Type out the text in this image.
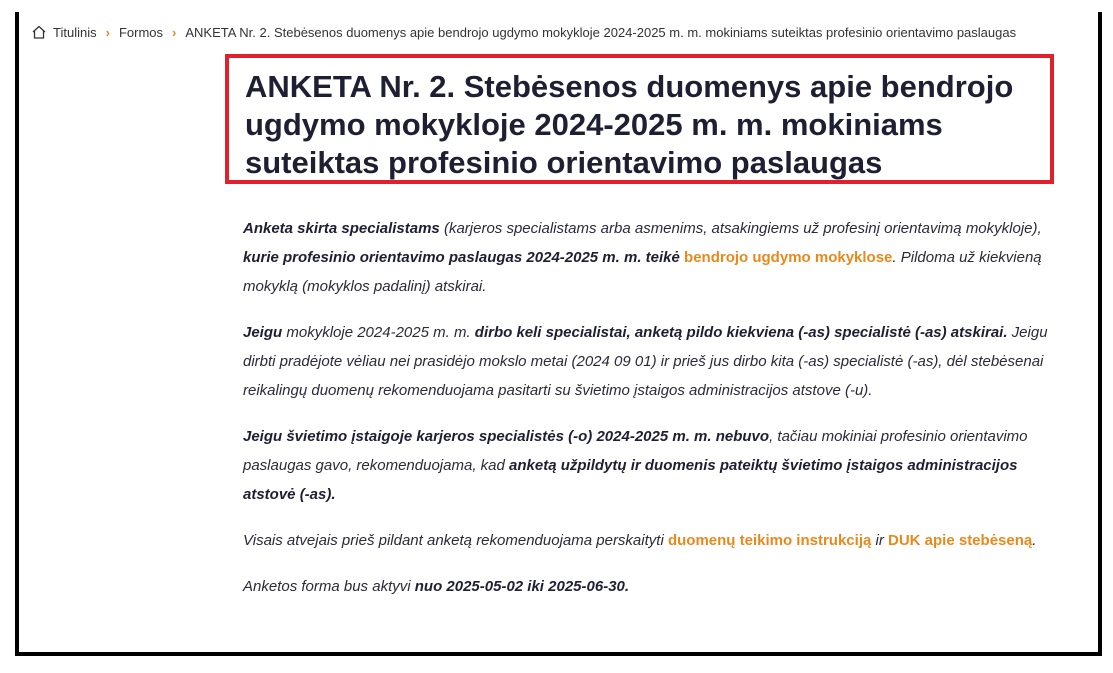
Titulinis › Formos › ANKETA Nr. 2. Stebėsenos duomenys apie bendrojo ugdymo mokykloje 2024-2025 m. m. mokiniams suteiktas profesinio orientavimo paslaugas
ANKETA Nr. 2. Stebėsenos duomenys apie bendrojo ugdymo mokykloje 2024-2025 m. m. mokiniams suteiktas profesinio orientavimo paslaugas

Anketa skirta specialistams (karjeros specialistams arba asmenims, atsakingiems už profesinį orientavimą mokykloje), kurie profesinio orientavimo paslaugas 2024-2025 m. m. teikė bendrojo ugdymo mokyklose. Pildoma už kiekvieną mokyklą (mokyklos padalinį) atskirai.

Jeigu mokykloje 2024-2025 m. m. dirbo keli specialistai, anketą pildo kiekviena (-as) specialistė (-as) atskirai. Jeigu dirbti pradėjote vėliau nei prasidėjo mokslo metai (2024 09 01) ir prieš jus dirbo kita (-as) specialistė (-as), dėl stebėsenai reikalingų duomenų rekomenduojama pasitarti su švietimo įstaigos administracijos atstove (-u).

Jeigu švietimo įstaigoje karjeros specialistės (-o) 2024-2025 m. m. nebuvo, tačiau mokiniai profesinio orientavimo paslaugas gavo, rekomenduojama, kad anketą užpildytų ir duomenis pateiktų švietimo įstaigos administracijos atstovė (-as).

Visais atvejais prieš pildant anketą rekomenduojama perskaityti duomenų teikimo instrukciją ir DUK apie stebėseną.

Anketos forma bus aktyvi nuo 2025-05-02 iki 2025-06-30.
